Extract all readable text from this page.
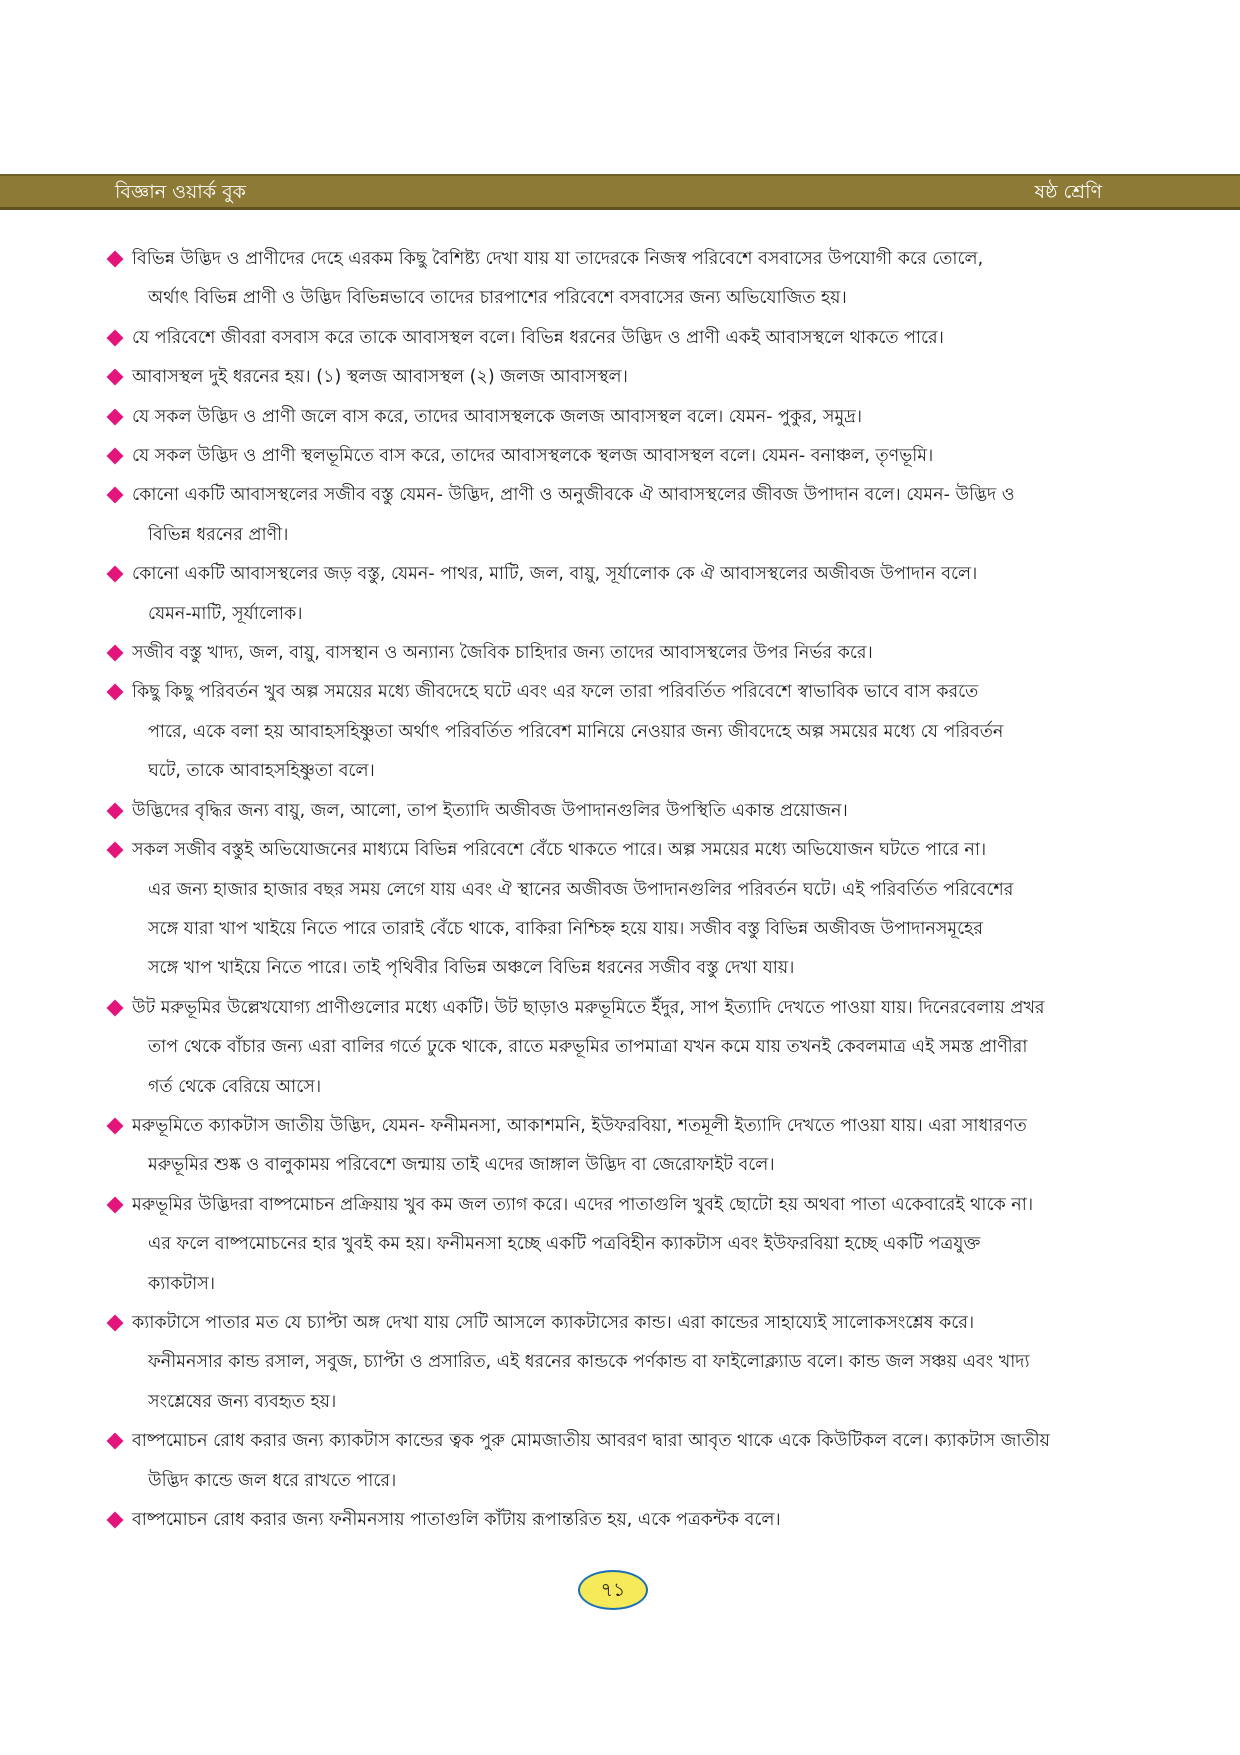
বিজ্ঞান ওয়ার্ক বুক	ষষ্ঠ শ্রেণি
বিভিন্ন উদ্ভিদ ও প্রাণীদের দেহে এরকম কিছু বৈশিষ্ট্য দেখা যায় যা তাদেরকে নিজস্ব পরিবেশে বসবাসের উপযোগী করে তোলে,
অর্থাৎ বিভিন্ন প্রাণী ও উদ্ভিদ বিভিন্নভাবে তাদের চারপাশের পরিবেশে বসবাসের জন্য অভিযোজিত হয়।
যে পরিবেশে জীবরা বসবাস করে তাকে আবাসস্থল বলে। বিভিন্ন ধরনের উদ্ভিদ ও প্রাণী একই আবাসস্থলে থাকতে পারে।
আবাসস্থল দুই ধরনের হয়। (১) স্থলজ আবাসস্থল (২) জলজ আবাসস্থল।
যে সকল উদ্ভিদ ও প্রাণী জলে বাস করে, তাদের আবাসস্থলকে জলজ আবাসস্থল বলে। যেমন- পুকুর, সমুদ্র।
যে সকল উদ্ভিদ ও প্রাণী স্থলভূমিতে বাস করে, তাদের আবাসস্থলকে স্থলজ আবাসস্থল বলে। যেমন- বনাঞ্চল, তৃণভূমি।
কোনো একটি আবাসস্থলের সজীব বস্তু যেমন- উদ্ভিদ, প্রাণী ও অনুজীবকে ঐ আবাসস্থলের জীবজ উপাদান বলে। যেমন- উদ্ভিদ ও
বিভিন্ন ধরনের প্রাণী।
কোনো একটি আবাসস্থলের জড় বস্তু, যেমন- পাথর, মাটি, জল, বায়ু, সূর্যালোক কে ঐ আবাসস্থলের অজীবজ উপাদান বলে।
যেমন-মাটি, সূর্যালোক।
সজীব বস্তু খাদ্য, জল, বায়ু, বাসস্থান ও অন্যান্য জৈবিক চাহিদার জন্য তাদের আবাসস্থলের উপর নির্ভর করে।
কিছু কিছু পরিবর্তন খুব অল্প সময়ের মধ্যে জীবদেহে ঘটে এবং এর ফলে তারা পরিবর্তিত পরিবেশে স্বাভাবিক ভাবে বাস করতে
পারে, একে বলা হয় আবাহসহিষ্ণুতা অর্থাৎ পরিবর্তিত পরিবেশ মানিয়ে নেওয়ার জন্য জীবদেহে অল্প সময়ের মধ্যে যে পরিবর্তন
ঘটে, তাকে আবাহসহিষ্ণুতা বলে।
উদ্ভিদের বৃদ্ধির জন্য বায়ু, জল, আলো, তাপ ইত্যাদি অজীবজ উপাদানগুলির উপস্থিতি একান্ত প্রয়োজন।
সকল সজীব বস্তুই অভিযোজনের মাধ্যমে বিভিন্ন পরিবেশে বেঁচে থাকতে পারে। অল্প সময়ের মধ্যে অভিযোজন ঘটতে পারে না।
এর জন্য হাজার হাজার বছর সময় লেগে যায় এবং ঐ স্থানের অজীবজ উপাদানগুলির পরিবর্তন ঘটে। এই পরিবর্তিত পরিবেশের
সঙ্গে যারা খাপ খাইয়ে নিতে পারে তারাই বেঁচে থাকে, বাকিরা নিশ্চিহ্ন হয়ে যায়। সজীব বস্তু বিভিন্ন অজীবজ উপাদানসমূহের
সঙ্গে খাপ খাইয়ে নিতে পারে। তাই পৃথিবীর বিভিন্ন অঞ্চলে বিভিন্ন ধরনের সজীব বস্তু দেখা যায়।
উট মরুভূমির উল্লেখযোগ্য প্রাণীগুলোর মধ্যে একটি। উট ছাড়াও মরুভূমিতে ইঁদুর, সাপ ইত্যাদি দেখতে পাওয়া যায়। দিনেরবেলায় প্রখর
তাপ থেকে বাঁচার জন্য এরা বালির গর্তে ঢুকে থাকে, রাতে মরুভূমির তাপমাত্রা যখন কমে যায় তখনই কেবলমাত্র এই সমস্ত প্রাণীরা
গর্ত থেকে বেরিয়ে আসে।
মরুভূমিতে ক্যাকটাস জাতীয় উদ্ভিদ, যেমন- ফনীমনসা, আকাশমনি, ইউফরবিয়া, শতমূলী ইত্যাদি দেখতে পাওয়া যায়। এরা সাধারণত
মরুভূমির শুষ্ক ও বালুকাময় পরিবেশে জন্মায় তাই এদের জাঙ্গাল উদ্ভিদ বা জেরোফাইট বলে।
মরুভূমির উদ্ভিদরা বাষ্পমোচন প্রক্রিয়ায় খুব কম জল ত্যাগ করে। এদের পাতাগুলি খুবই ছোটো হয় অথবা পাতা একেবারেই থাকে না।
এর ফলে বাষ্পমোচনের হার খুবই কম হয়। ফনীমনসা হচ্ছে একটি পত্রবিহীন ক্যাকটাস এবং ইউফরবিয়া হচ্ছে একটি পত্রযুক্ত
ক্যাকটাস।
ক্যাকটাসে পাতার মত যে চ্যাপ্টা অঙ্গ দেখা যায় সেটি আসলে ক্যাকটাসের কান্ড। এরা কান্ডের সাহায্যেই সালোকসংশ্লেষ করে।
ফনীমনসার কান্ড রসাল, সবুজ, চ্যাপ্টা ও প্রসারিত, এই ধরনের কান্ডকে পর্ণকান্ড বা ফাইলোক্ল্যাড বলে। কান্ড জল সঞ্চয় এবং খাদ্য
সংশ্লেষের জন্য ব্যবহৃত হয়।
বাষ্পমোচন রোধ করার জন্য ক্যাকটাস কান্ডের ত্বক পুরু মোমজাতীয় আবরণ দ্বারা আবৃত থাকে একে কিউটিকল বলে। ক্যাকটাস জাতীয়
উদ্ভিদ কান্ডে জল ধরে রাখতে পারে।
বাষ্পমোচন রোধ করার জন্য ফনীমনসায় পাতাগুলি কাঁটায় রূপান্তরিত হয়, একে পত্রকন্টক বলে।
৭১
